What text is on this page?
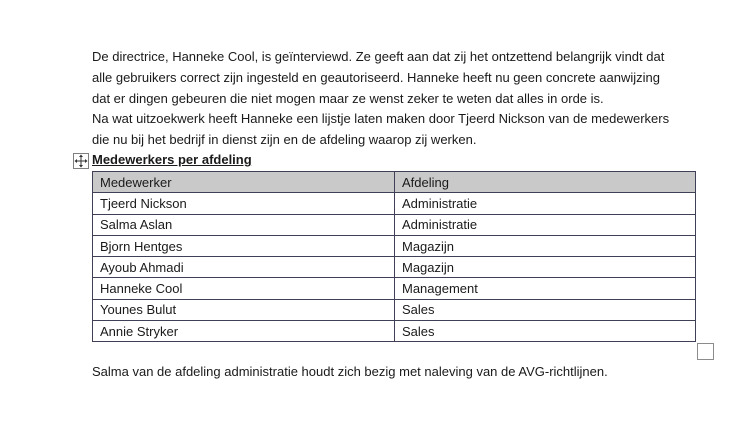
De directrice, Hanneke Cool, is geïnterviewd. Ze geeft aan dat zij het ontzettend belangrijk vindt dat
alle gebruikers correct zijn ingesteld en geautoriseerd. Hanneke heeft nu geen concrete aanwijzing
dat er dingen gebeuren die niet mogen maar ze wenst zeker te weten dat alles in orde is.
Na wat uitzoekwerk heeft Hanneke een lijstje laten maken door Tjeerd Nickson van de medewerkers
die nu bij het bedrijf in dienst zijn en de afdeling waarop zij werken.

Medewerkers per afdeling
Medewerker	Afdeling
Tjeerd Nickson	Administratie
Salma Aslan	Administratie
Bjorn Hentges	Magazijn
Ayoub Ahmadi	Magazijn
Hanneke Cool	Management
Younes Bulut	Sales
Annie Stryker	Sales

Salma van de afdeling administratie houdt zich bezig met naleving van de AVG-richtlijnen.
